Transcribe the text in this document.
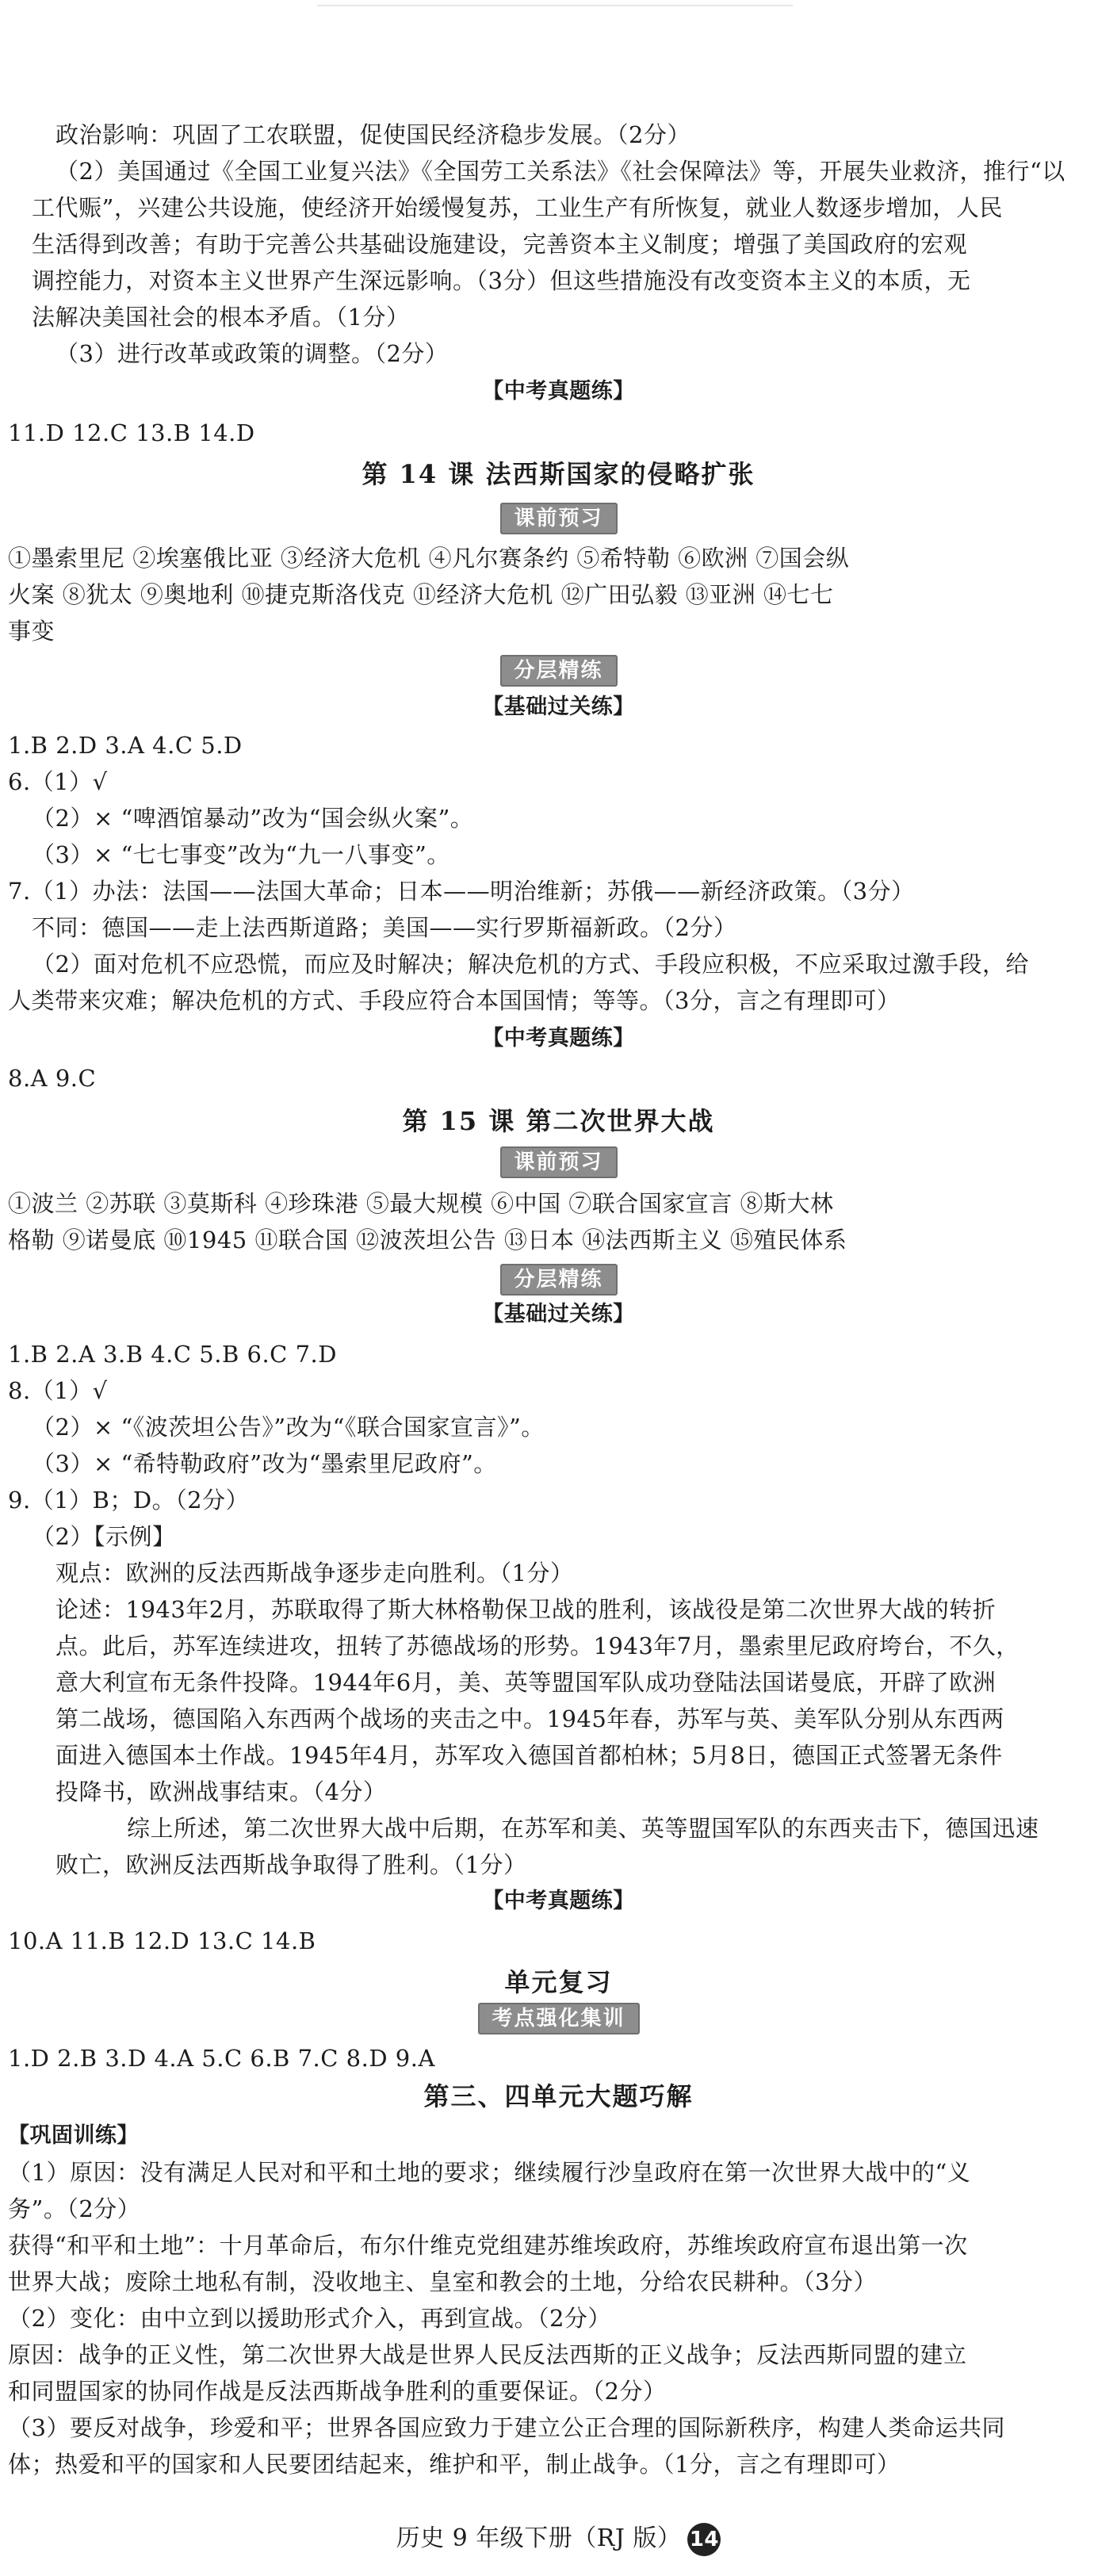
政治影响：巩固了工农联盟，促使国民经济稳步发展。（2分）
（2）美国通过《全国工业复兴法》《全国劳工关系法》《社会保障法》等，开展失业救济，推行“以
工代赈”，兴建公共设施，使经济开始缓慢复苏，工业生产有所恢复，就业人数逐步增加，人民
生活得到改善；有助于完善公共基础设施建设，完善资本主义制度；增强了美国政府的宏观
调控能力，对资本主义世界产生深远影响。（3分）但这些措施没有改变资本主义的本质，无
法解决美国社会的根本矛盾。（1分）
（3）进行改革或政策的调整。（2分）
【中考真题练】
11.D 12.C 13.B 14.D
第 14 课 法西斯国家的侵略扩张
课前预习
①墨索里尼 ②埃塞俄比亚 ③经济大危机 ④凡尔赛条约 ⑤希特勒 ⑥欧洲 ⑦国会纵
火案 ⑧犹太 ⑨奥地利 ⑩捷克斯洛伐克 ⑪经济大危机 ⑫广田弘毅 ⑬亚洲 ⑭七七
事变
分层精练
【基础过关练】
1.B 2.D 3.A 4.C 5.D
6.（1）√
（2）× “啤酒馆暴动”改为“国会纵火案”。
（3）× “七七事变”改为“九一八事变”。
7.（1）办法：法国——法国大革命；日本——明治维新；苏俄——新经济政策。（3分）
不同：德国——走上法西斯道路；美国——实行罗斯福新政。（2分）
（2）面对危机不应恐慌，而应及时解决；解决危机的方式、手段应积极，不应采取过激手段，给
人类带来灾难；解决危机的方式、手段应符合本国国情；等等。（3分，言之有理即可）
【中考真题练】
8.A 9.C
第 15 课 第二次世界大战
课前预习
①波兰 ②苏联 ③莫斯科 ④珍珠港 ⑤最大规模 ⑥中国 ⑦联合国家宣言 ⑧斯大林
格勒 ⑨诺曼底 ⑩1945 ⑪联合国 ⑫波茨坦公告 ⑬日本 ⑭法西斯主义 ⑮殖民体系
分层精练
【基础过关练】
1.B 2.A 3.B 4.C 5.B 6.C 7.D
8.（1）√
（2）× “《波茨坦公告》”改为“《联合国家宣言》”。
（3）× “希特勒政府”改为“墨索里尼政府”。
9.（1）B；D。（2分）
（2）【示例】
观点：欧洲的反法西斯战争逐步走向胜利。（1分）
论述：1943年2月，苏联取得了斯大林格勒保卫战的胜利，该战役是第二次世界大战的转折
点。此后，苏军连续进攻，扭转了苏德战场的形势。1943年7月，墨索里尼政府垮台，不久，
意大利宣布无条件投降。1944年6月，美、英等盟国军队成功登陆法国诺曼底，开辟了欧洲
第二战场，德国陷入东西两个战场的夹击之中。1945年春，苏军与英、美军队分别从东西两
面进入德国本土作战。1945年4月，苏军攻入德国首都柏林；5月8日，德国正式签署无条件
投降书，欧洲战事结束。（4分）
综上所述，第二次世界大战中后期，在苏军和美、英等盟国军队的东西夹击下，德国迅速
败亡，欧洲反法西斯战争取得了胜利。（1分）
【中考真题练】
10.A 11.B 12.D 13.C 14.B
单元复习
考点强化集训
1.D 2.B 3.D 4.A 5.C 6.B 7.C 8.D 9.A
第三、四单元大题巧解
【巩固训练】
（1）原因：没有满足人民对和平和土地的要求；继续履行沙皇政府在第一次世界大战中的“义
务”。（2分）
获得“和平和土地”：十月革命后，布尔什维克党组建苏维埃政府，苏维埃政府宣布退出第一次
世界大战；废除土地私有制，没收地主、皇室和教会的土地，分给农民耕种。（3分）
（2）变化：由中立到以援助形式介入，再到宣战。（2分）
原因：战争的正义性，第二次世界大战是世界人民反法西斯的正义战争；反法西斯同盟的建立
和同盟国家的协同作战是反法西斯战争胜利的重要保证。（2分）
（3）要反对战争，珍爱和平；世界各国应致力于建立公正合理的国际新秩序，构建人类命运共同
体；热爱和平的国家和人民要团结起来，维护和平，制止战争。（1分，言之有理即可）
历史 9 年级下册（RJ 版） 14
